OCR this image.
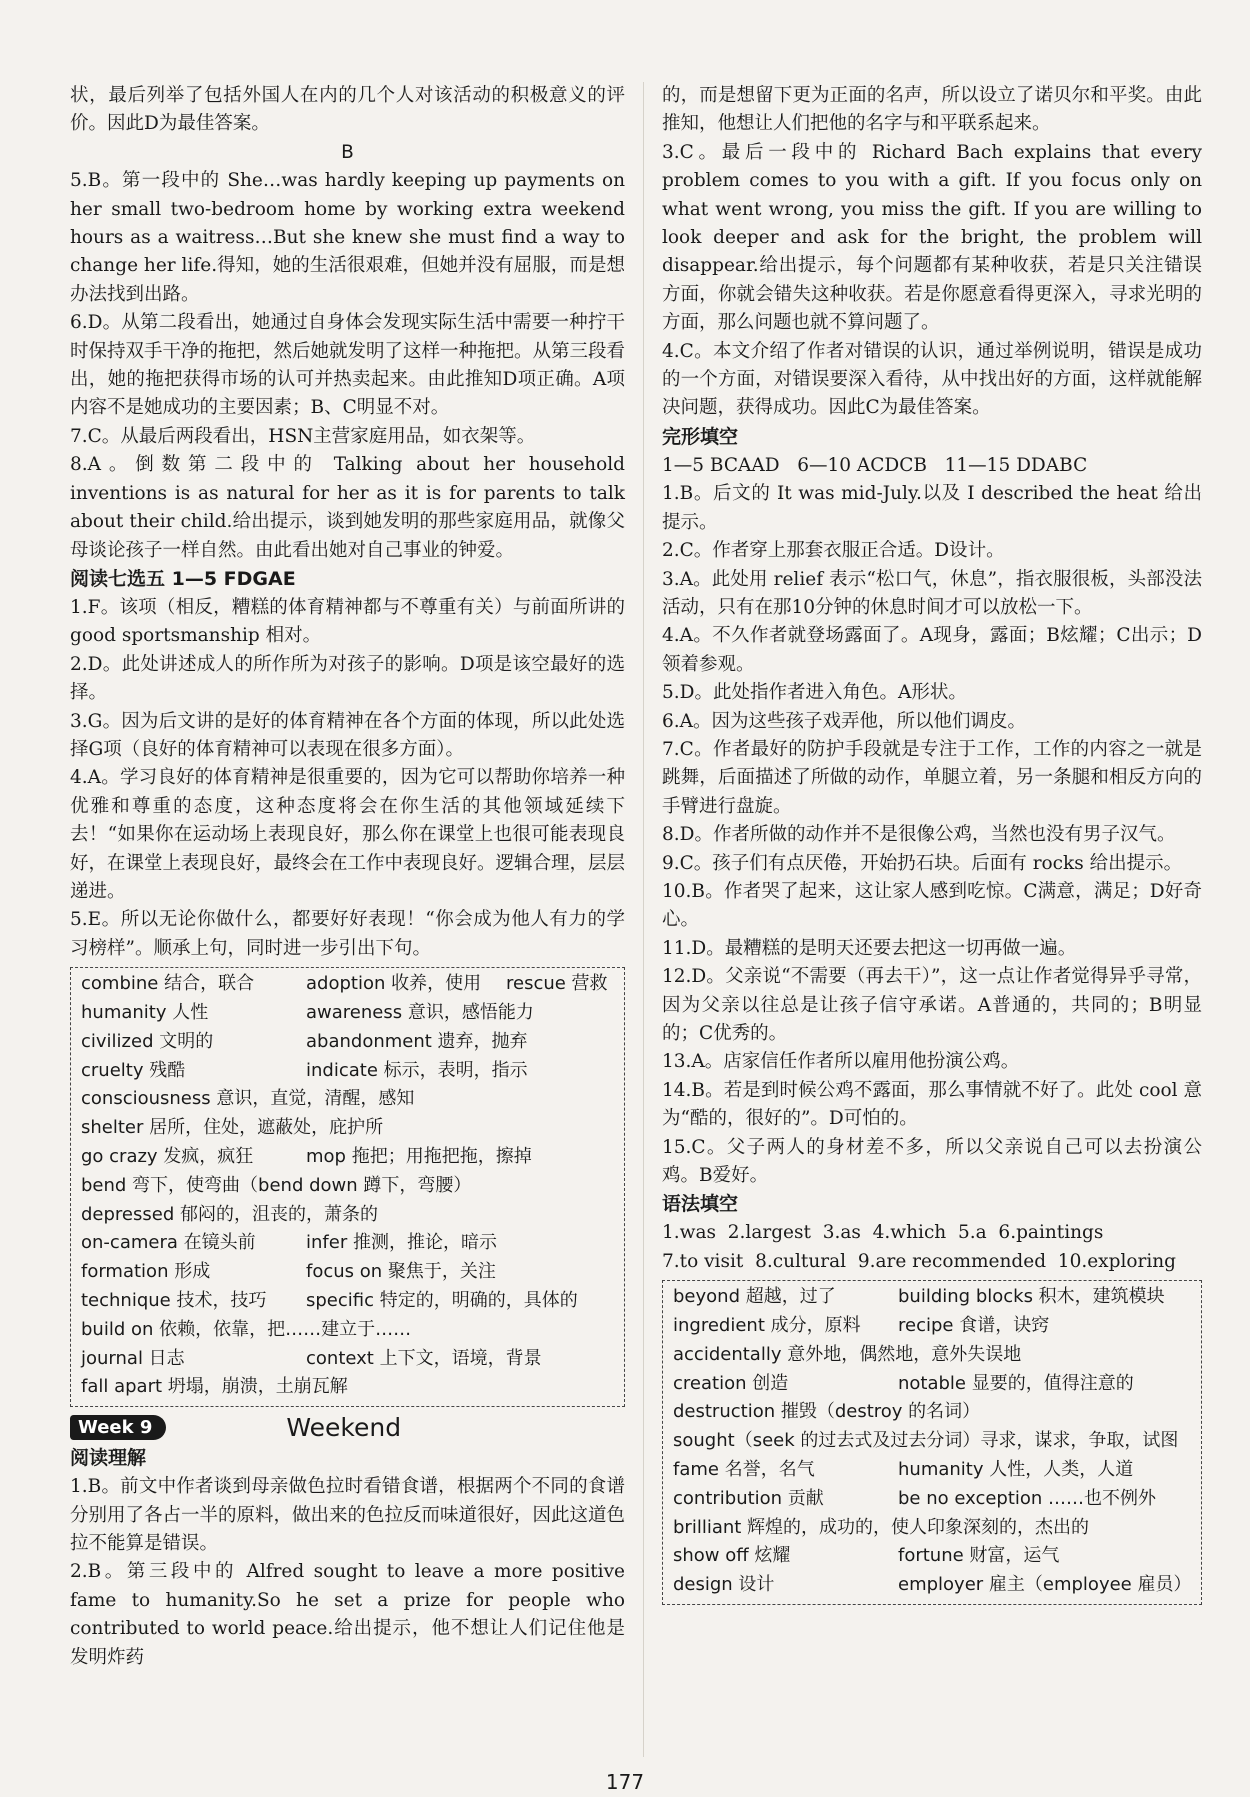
状，最后列举了包括外国人在内的几个人对该活动的积极意义的评价。因此D为最佳答案。

B

5.B。第一段中的 She…was hardly keeping up payments on her small two-bedroom home by working extra weekend hours as a waitress…But she knew she must find a way to change her life.得知，她的生活很艰难，但她并没有屈服，而是想办法找到出路。

6.D。从第二段看出，她通过自身体会发现实际生活中需要一种拧干时保持双手干净的拖把，然后她就发明了这样一种拖把。从第三段看出，她的拖把获得市场的认可并热卖起来。由此推知D项正确。A项内容不是她成功的主要因素；B、C明显不对。

7.C。从最后两段看出，HSN主营家庭用品，如衣架等。

8.A。倒数第二段中的 Talking about her household inventions is as natural for her as it is for parents to talk about their child.给出提示，谈到她发明的那些家庭用品，就像父母谈论孩子一样自然。由此看出她对自己事业的钟爱。

阅读七选五 1—5 FDGAE

1.F。该项（相反，糟糕的体育精神都与不尊重有关）与前面所讲的 good sportsmanship 相对。

2.D。此处讲述成人的所作所为对孩子的影响。D项是该空最好的选择。

3.G。因为后文讲的是好的体育精神在各个方面的体现，所以此处选择G项（良好的体育精神可以表现在很多方面）。

4.A。学习良好的体育精神是很重要的，因为它可以帮助你培养一种优雅和尊重的态度，这种态度将会在你生活的其他领域延续下去！“如果你在运动场上表现良好，那么你在课堂上也很可能表现良好，在课堂上表现良好，最终会在工作中表现良好。逻辑合理，层层递进。

5.E。所以无论你做什么，都要好好表现！“你会成为他人有力的学习榜样”。顺承上句，同时进一步引出下句。

combine 结合，联合	adoption 收养，使用	rescue 营救
humanity 人性	awareness 意识，感悟能力
civilized 文明的	abandonment 遗弃，抛弃
cruelty 残酷	indicate 标示，表明，指示
consciousness 意识，直觉，清醒，感知
shelter 居所，住处，遮蔽处，庇护所
go crazy 发疯，疯狂	mop 拖把；用拖把拖，擦掉
bend 弯下，使弯曲（bend down 蹲下，弯腰）
depressed 郁闷的，沮丧的，萧条的
on-camera 在镜头前	infer 推测，推论，暗示
formation 形成	focus on 聚焦于，关注
technique 技术，技巧	specific 特定的，明确的，具体的
build on 依赖，依靠，把……建立于……
journal 日志	context 上下文，语境，背景
fall apart 坍塌，崩溃，土崩瓦解
Week 9	Weekend

阅读理解

1.B。前文中作者谈到母亲做色拉时看错食谱，根据两个不同的食谱分别用了各占一半的原料，做出来的色拉反而味道很好，因此这道色拉不能算是错误。

2.B。第三段中的 Alfred sought to leave a more positive fame to humanity.So he set a prize for people who contributed to world peace.给出提示，他不想让人们记住他是发明炸药

的，而是想留下更为正面的名声，所以设立了诺贝尔和平奖。由此推知，他想让人们把他的名字与和平联系起来。

3.C。最后一段中的 Richard Bach explains that every problem comes to you with a gift. If you focus only on what went wrong, you miss the gift. If you are willing to look deeper and ask for the bright, the problem will disappear.给出提示，每个问题都有某种收获，若是只关注错误方面，你就会错失这种收获。若是你愿意看得更深入，寻求光明的方面，那么问题也就不算问题了。

4.C。本文介绍了作者对错误的认识，通过举例说明，错误是成功的一个方面，对错误要深入看待，从中找出好的方面，这样就能解决问题，获得成功。因此C为最佳答案。

完形填空

1—5 BCAAD   6—10 ACDCB   11—15 DDABC

1.B。后文的 It was mid-July.以及 I described the heat 给出提示。

2.C。作者穿上那套衣服正合适。D设计。

3.A。此处用 relief 表示“松口气，休息”，指衣服很板，头部没法活动，只有在那10分钟的休息时间才可以放松一下。

4.A。不久作者就登场露面了。A现身，露面；B炫耀；C出示；D领着参观。

5.D。此处指作者进入角色。A形状。

6.A。因为这些孩子戏弄他，所以他们调皮。

7.C。作者最好的防护手段就是专注于工作，工作的内容之一就是跳舞，后面描述了所做的动作，单腿立着，另一条腿和相反方向的手臂进行盘旋。

8.D。作者所做的动作并不是很像公鸡，当然也没有男子汉气。

9.C。孩子们有点厌倦，开始扔石块。后面有 rocks 给出提示。

10.B。作者哭了起来，这让家人感到吃惊。C满意，满足；D好奇心。

11.D。最糟糕的是明天还要去把这一切再做一遍。

12.D。父亲说“不需要（再去干）”，这一点让作者觉得异乎寻常，因为父亲以往总是让孩子信守承诺。A普通的，共同的；B明显的；C优秀的。

13.A。店家信任作者所以雇用他扮演公鸡。

14.B。若是到时候公鸡不露面，那么事情就不好了。此处 cool 意为“酷的，很好的”。D可怕的。

15.C。父子两人的身材差不多，所以父亲说自己可以去扮演公鸡。B爱好。

语法填空

1.was  2.largest  3.as  4.which  5.a  6.paintings

7.to visit  8.cultural  9.are recommended  10.exploring

beyond 超越，过了	building blocks 积木，建筑模块
ingredient 成分，原料	recipe 食谱，诀窍
accidentally 意外地，偶然地，意外失误地
creation 创造	notable 显要的，值得注意的
destruction 摧毁（destroy 的名词）
sought（seek 的过去式及过去分词）寻求，谋求，争取，试图
fame 名誉，名气	humanity 人性，人类，人道
contribution 贡献	be no exception ……也不例外
brilliant 辉煌的，成功的，使人印象深刻的，杰出的
show off 炫耀	fortune 财富，运气
design 设计	employer 雇主（employee 雇员）
177
